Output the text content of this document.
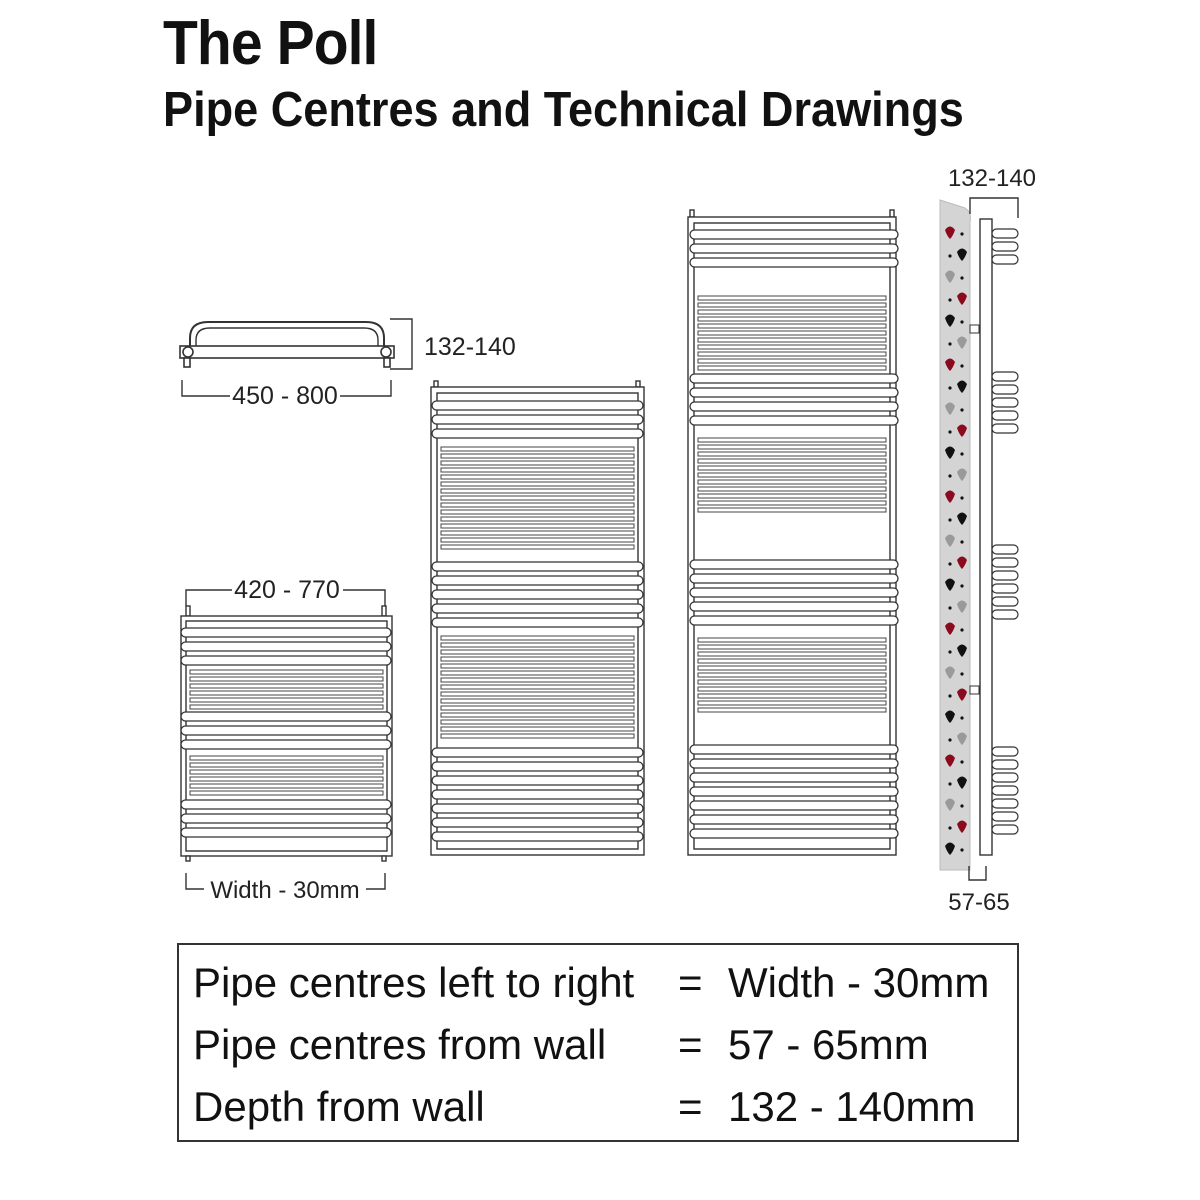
The Poll
Pipe Centres and Technical Drawings
132-140
450 - 800
420 - 770
Width - 30mm
132-140
57-65
Pipe centres left to right = Width - 30mm
Pipe centres from wall = 57 - 65mm
Depth from wall	= 132 - 140mm
